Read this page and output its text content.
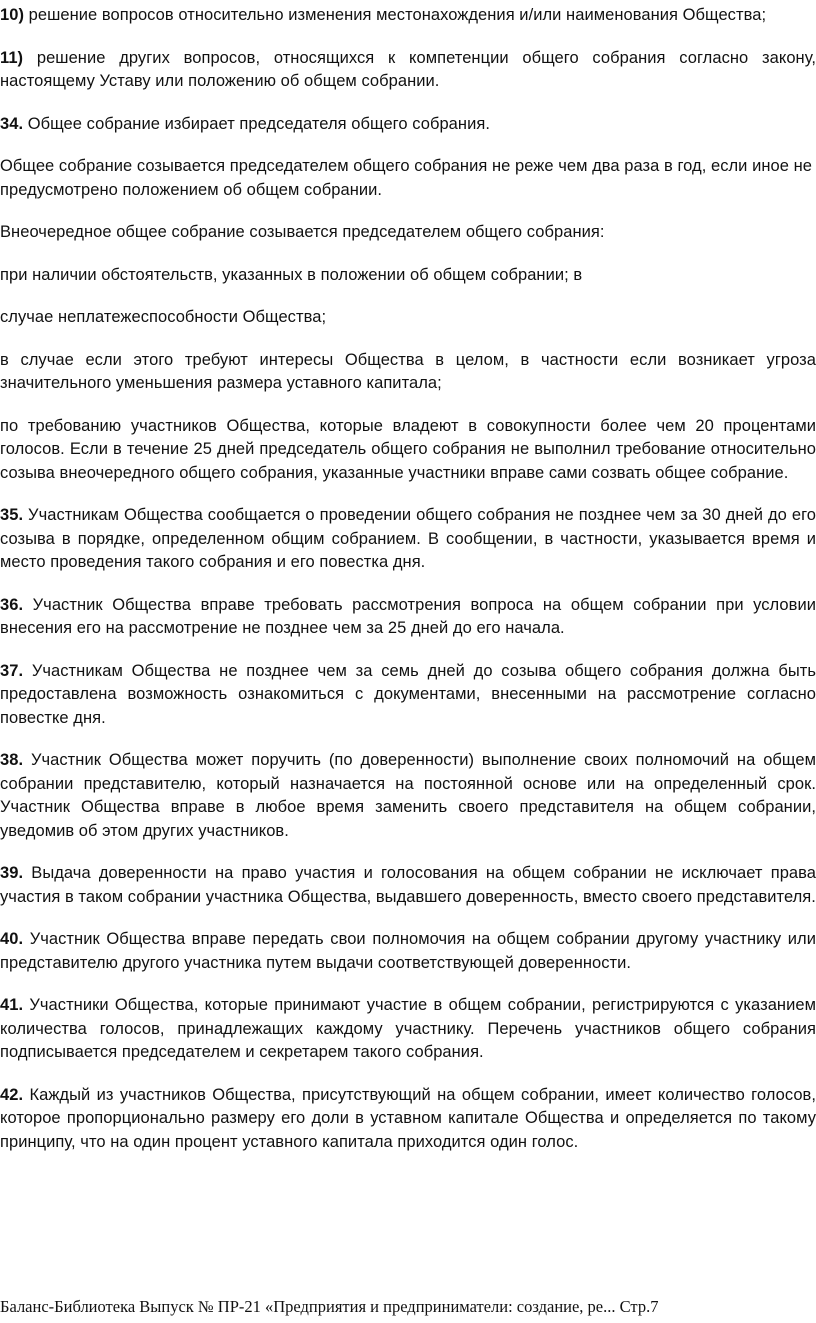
10) решение вопросов относительно изменения местонахождения и/или наименования Общества;

11) решение других вопросов, относящихся к компетенции общего собрания согласно закону, настоящему Уставу или положению об общем собрании.

34. Общее собрание избирает председателя общего собрания.

Общее собрание созывается председателем общего собрания не реже чем два раза в год, если иное не предусмотрено положением об общем собрании.

Внеочередное общее собрание созывается председателем общего собрания:

при наличии обстоятельств, указанных в положении об общем собрании; в

случае неплатежеспособности Общества;

в случае если этого требуют интересы Общества в целом, в частности если возникает угроза значительного уменьшения размера уставного капитала;

по требованию участников Общества, которые владеют в совокупности более чем 20 процентами голосов. Если в течение 25 дней председатель общего собрания не выполнил требование относительно созыва внеочередного общего собрания, указанные участники вправе сами созвать общее собрание.

35. Участникам Общества сообщается о проведении общего собрания не позднее чем за 30 дней до его созыва в порядке, определенном общим собранием. В сообщении, в частности, указывается время и место проведения такого собрания и его повестка дня.

36. Участник Общества вправе требовать рассмотрения вопроса на общем собрании при условии внесения его на рассмотрение не позднее чем за 25 дней до его начала.

37. Участникам Общества не позднее чем за семь дней до созыва общего собрания должна быть предоставлена возможность ознакомиться с документами, внесенными на рассмотрение согласно повестке дня.

38. Участник Общества может поручить (по доверенности) выполнение своих полномочий на общем собрании представителю, который назначается на постоянной основе или на определенный срок. Участник Общества вправе в любое время заменить своего представителя на общем собрании, уведомив об этом других участников.

39. Выдача доверенности на право участия и голосования на общем собрании не исключает права участия в таком собрании участника Общества, выдавшего доверенность, вместо своего представителя.

40. Участник Общества вправе передать свои полномочия на общем собрании другому участнику или представителю другого участника путем выдачи соответствующей доверенности.

41. Участники Общества, которые принимают участие в общем собрании, регистрируются с указанием количества голосов, принадлежащих каждому участнику. Перечень участников общего собрания подписывается председателем и секретарем такого собрания.

42. Каждый из участников Общества, присутствующий на общем собрании, имеет количество голосов, которое пропорционально размеру его доли в уставном капитале Общества и определяется по такому принципу, что на один процент уставного капитала приходится один голос.

Баланс-Библиотека Выпуск № ПР-21 «Предприятия и предприниматели: создание, ре... Стр.7
